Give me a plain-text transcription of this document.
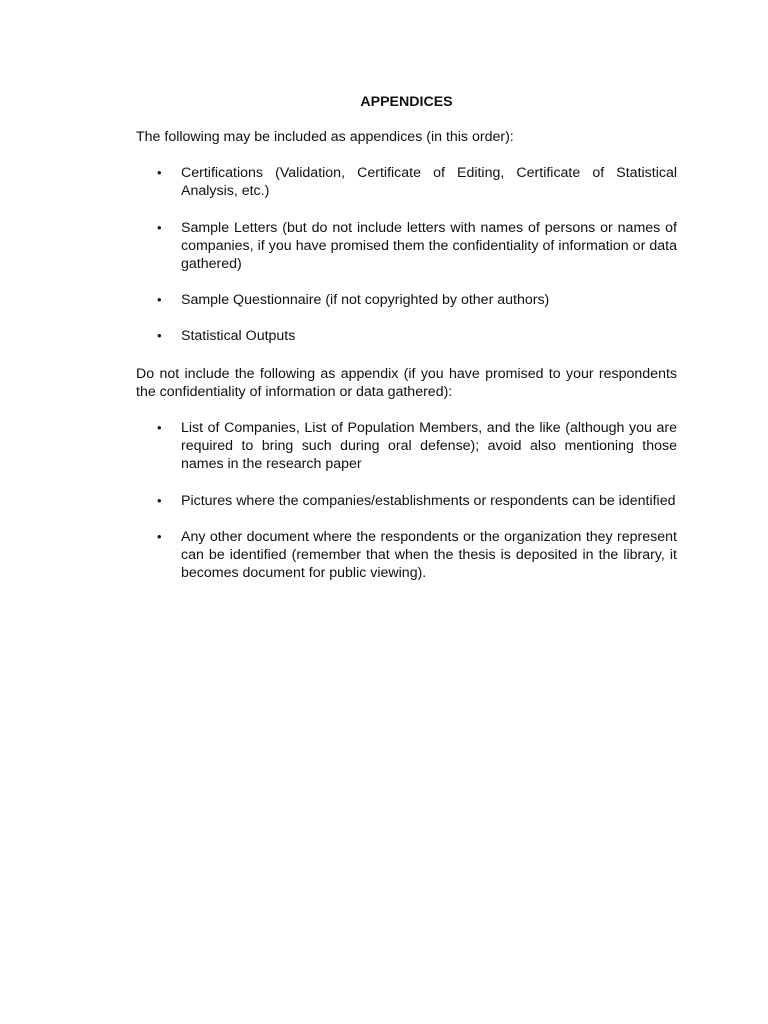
APPENDICES

The following may be included as appendices (in this order):

• Certifications (Validation, Certificate of Editing, Certificate of Statistical Analysis, etc.)
• Sample Letters (but do not include letters with names of persons or names of companies, if you have promised them the confidentiality of information or data gathered)
• Sample Questionnaire (if not copyrighted by other authors)
• Statistical Outputs

Do not include the following as appendix (if you have promised to your respondents the confidentiality of information or data gathered):

• List of Companies, List of Population Members, and the like (although you are required to bring such during oral defense); avoid also mentioning those names in the research paper
• Pictures where the companies/establishments or respondents can be identified
• Any other document where the respondents or the organization they represent can be identified (remember that when the thesis is deposited in the library, it becomes document for public viewing).
